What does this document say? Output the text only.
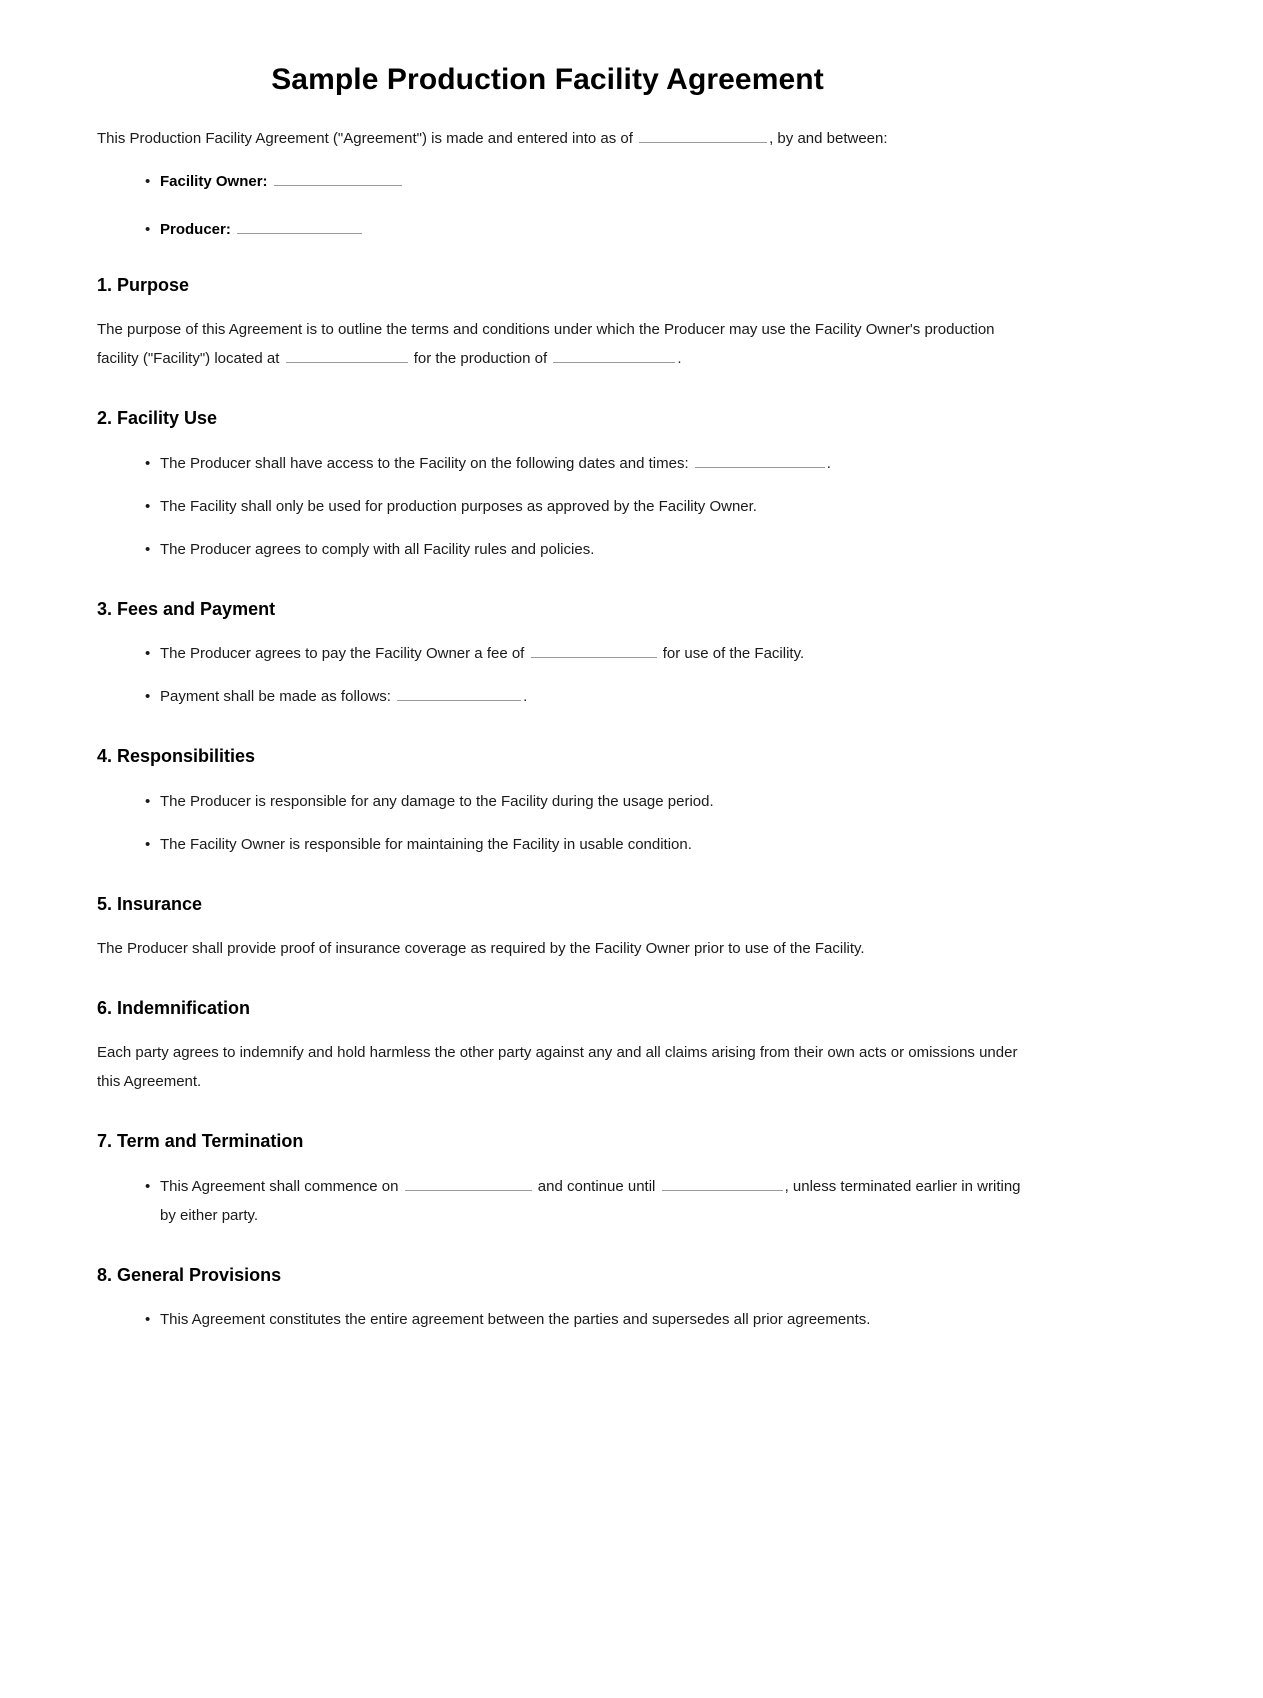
Sample Production Facility Agreement

This Production Facility Agreement ("Agreement") is made and entered into as of	, by and between:

• Facility Owner:
• Producer:
1. Purpose

The purpose of this Agreement is to outline the terms and conditions under which the Producer may use the Facility Owner's production facility ("Facility") located at	for the production of	.

2. Facility Use
• The Producer shall have access to the Facility on the following dates and times:	.
• The Facility shall only be used for production purposes as approved by the Facility Owner.
• The Producer agrees to comply with all Facility rules and policies.
3. Fees and Payment
• The Producer agrees to pay the Facility Owner a fee of	for use of the Facility.
• Payment shall be made as follows:	.
4. Responsibilities
• The Producer is responsible for any damage to the Facility during the usage period.
• The Facility Owner is responsible for maintaining the Facility in usable condition.
5. Insurance

The Producer shall provide proof of insurance coverage as required by the Facility Owner prior to use of the Facility.

6. Indemnification

Each party agrees to indemnify and hold harmless the other party against any and all claims arising from their own acts or omissions under this Agreement.

7. Term and Termination
• This Agreement shall commence on	and continue until	, unless terminated earlier in writing by either party.
8. General Provisions
• This Agreement constitutes the entire agreement between the parties and supersedes all prior agreements.
